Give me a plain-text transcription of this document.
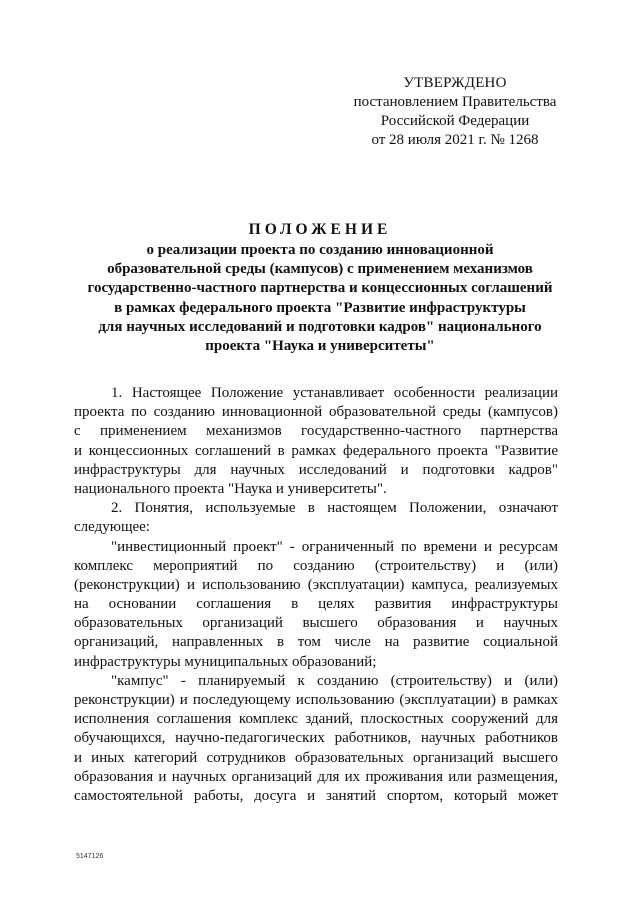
УТВЕРЖДЕНО
постановлением Правительства
Российской Федерации
от 28 июля 2021 г. № 1268
ПОЛОЖЕНИЕ
о реализации проекта по созданию инновационной
образовательной среды (кампусов) с применением механизмов
государственно-частного партнерства и концессионных соглашений
в рамках федерального проекта "Развитие инфраструктуры
для научных исследований и подготовки кадров" национального
проекта "Наука и университеты"
1. Настоящее Положение устанавливает особенности реализации
проекта по созданию инновационной образовательной среды (кампусов)
с применением механизмов государственно-частного партнерства
и концессионных соглашений в рамках федерального проекта "Развитие
инфраструктуры для научных исследований и подготовки кадров"
национального проекта "Наука и университеты".
2. Понятия, используемые в настоящем Положении, означают
следующее:
"инвестиционный проект" - ограниченный по времени и ресурсам
комплекс мероприятий по созданию (строительству) и (или)
(реконструкции) и использованию (эксплуатации) кампуса, реализуемых
на основании соглашения в целях развития инфраструктуры
образовательных организаций высшего образования и научных
организаций, направленных в том числе на развитие социальной
инфраструктуры муниципальных образований;
"кампус" - планируемый к созданию (строительству) и (или)
реконструкции) и последующему использованию (эксплуатации) в рамках
исполнения соглашения комплекс зданий, плоскостных сооружений для
обучающихся, научно-педагогических работников, научных работников
и иных категорий сотрудников образовательных организаций высшего
образования и научных организаций для их проживания или размещения,
самостоятельной работы, досуга и занятий спортом, который может
5147126
